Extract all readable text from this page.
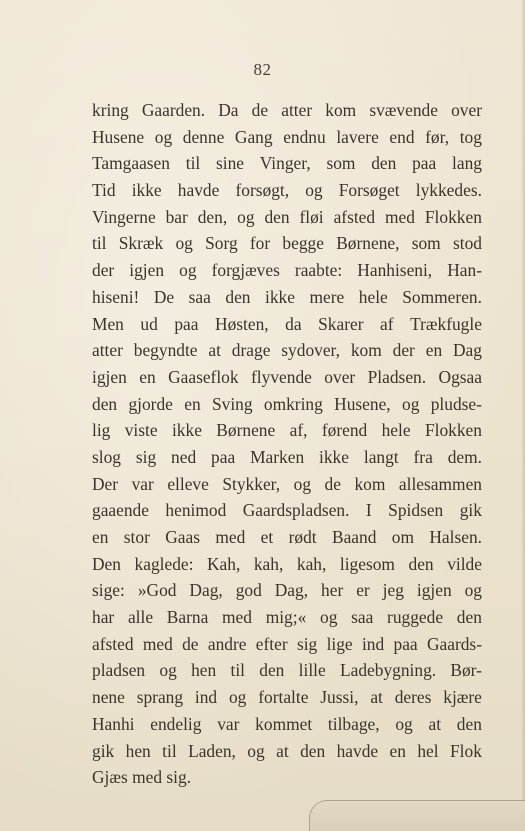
82
kring Gaarden. Da de atter kom svævende over
Husene og denne Gang endnu lavere end før, tog
Tamgaasen til sine Vinger, som den paa lang
Tid ikke havde forsøgt, og Forsøget lykkedes.
Vingerne bar den, og den fløi afsted med Flokken
til Skræk og Sorg for begge Børnene, som stod
der igjen og forgjæves raabte: Hanhiseni, Han-
hiseni! De saa den ikke mere hele Sommeren.
Men ud paa Høsten, da Skarer af Trækfugle
atter begyndte at drage sydover, kom der en Dag
igjen en Gaaseflok flyvende over Pladsen. Ogsaa
den gjorde en Sving omkring Husene, og pludse-
lig viste ikke Børnene af, førend hele Flokken
slog sig ned paa Marken ikke langt fra dem.
Der var elleve Stykker, og de kom allesammen
gaaende henimod Gaardspladsen. I Spidsen gik
en stor Gaas med et rødt Baand om Halsen.
Den kaglede: Kah, kah, kah, ligesom den vilde
sige: »God Dag, god Dag, her er jeg igjen og
har alle Barna med mig;« og saa ruggede den
afsted med de andre efter sig lige ind paa Gaards-
pladsen og hen til den lille Ladebygning. Bør-
nene sprang ind og fortalte Jussi, at deres kjære
Hanhi endelig var kommet tilbage, og at den
gik hen til Laden, og at den havde en hel Flok
Gjæs med sig.
